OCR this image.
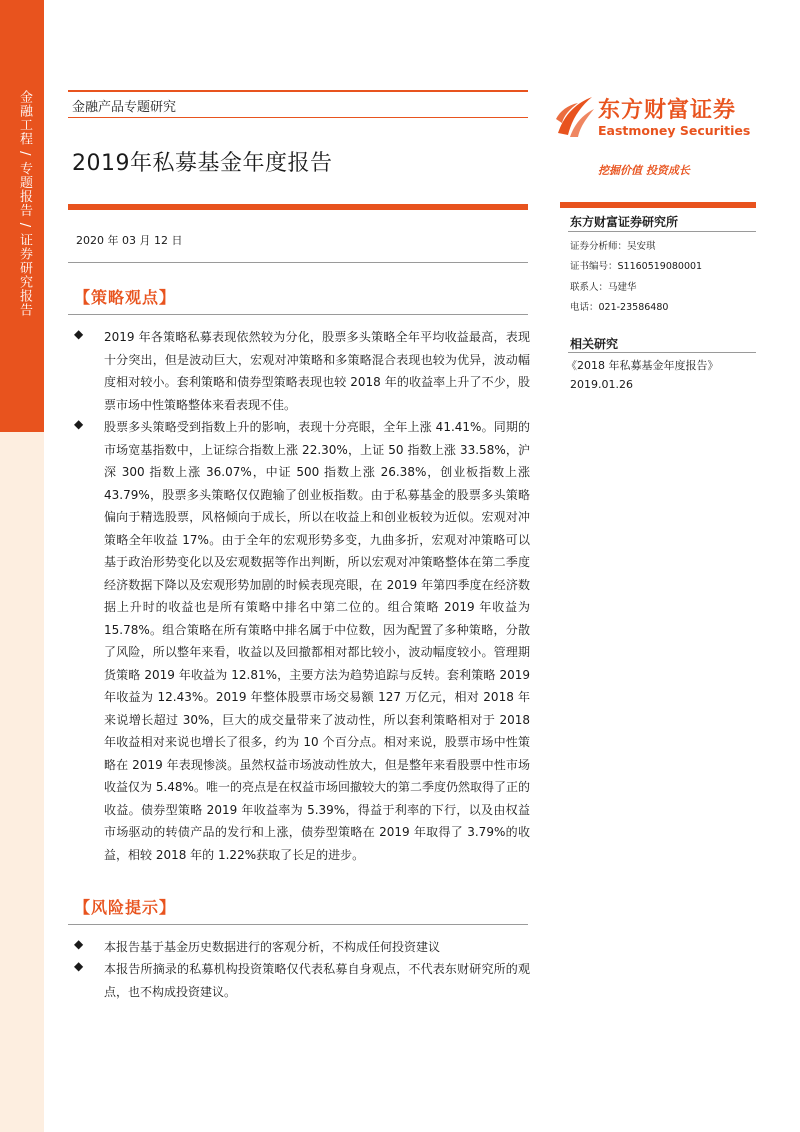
金融工程 / 专题报告 / 证券研究报告	金融产品专题研究
2019年私募基金年度报告
2020 年 03 月 12 日
东方财富证券
Eastmoney Securities
挖掘价值 投资成长
东方财富证券研究所
证券分析师：吴安琪
证书编号：S1160519080001
联系人：马建华
电话：021-23586480
相关研究
《2018 年私募基金年度报告》
2019.01.26
【策略观点】
◆ 2019 年各策略私募表现依然较为分化，股票多头策略全年平均收益最高，表现十分突出，但是波动巨大，宏观对冲策略和多策略混合表现也较为优异，波动幅度相对较小。套利策略和债券型策略表现也较 2018 年的收益率上升了不少，股票市场中性策略整体来看表现不佳。
◆ 股票多头策略受到指数上升的影响，表现十分亮眼，全年上涨 41.41%。同期的市场宽基指数中，上证综合指数上涨 22.30%，上证 50 指数上涨 33.58%，沪深 300 指数上涨 36.07%，中证 500 指数上涨 26.38%，创业板指数上涨 43.79%，股票多头策略仅仅跑输了创业板指数。由于私募基金的股票多头策略偏向于精选股票，风格倾向于成长，所以在收益上和创业板较为近似。宏观对冲策略全年收益 17%。由于全年的宏观形势多变，九曲多折，宏观对冲策略可以基于政治形势变化以及宏观数据等作出判断，所以宏观对冲策略整体在第二季度经济数据下降以及宏观形势加剧的时候表现亮眼，在 2019 年第四季度在经济数据上升时的收益也是所有策略中排名中第二位的。组合策略 2019 年收益为 15.78%。组合策略在所有策略中排名属于中位数，因为配置了多种策略，分散了风险，所以整年来看，收益以及回撤都相对都比较小，波动幅度较小。管理期货策略 2019 年收益为 12.81%，主要方法为趋势追踪与反转。套利策略 2019 年收益为 12.43%。2019 年整体股票市场交易额 127 万亿元，相对 2018 年来说增长超过 30%，巨大的成交量带来了波动性，所以套利策略相对于 2018 年收益相对来说也增长了很多，约为 10 个百分点。相对来说，股票市场中性策略在 2019 年表现惨淡。虽然权益市场波动性放大，但是整年来看股票中性市场收益仅为 5.48%。唯一的亮点是在权益市场回撤较大的第二季度仍然取得了正的收益。债券型策略 2019 年收益率为 5.39%，得益于利率的下行，以及由权益市场驱动的转债产品的发行和上涨，债券型策略在 2019 年取得了 3.79%的收益，相较 2018 年的 1.22%获取了长足的进步。
【风险提示】
◆ 本报告基于基金历史数据进行的客观分析，不构成任何投资建议
◆ 本报告所摘录的私募机构投资策略仅代表私募自身观点，不代表东财研究所的观点，也不构成投资建议。
